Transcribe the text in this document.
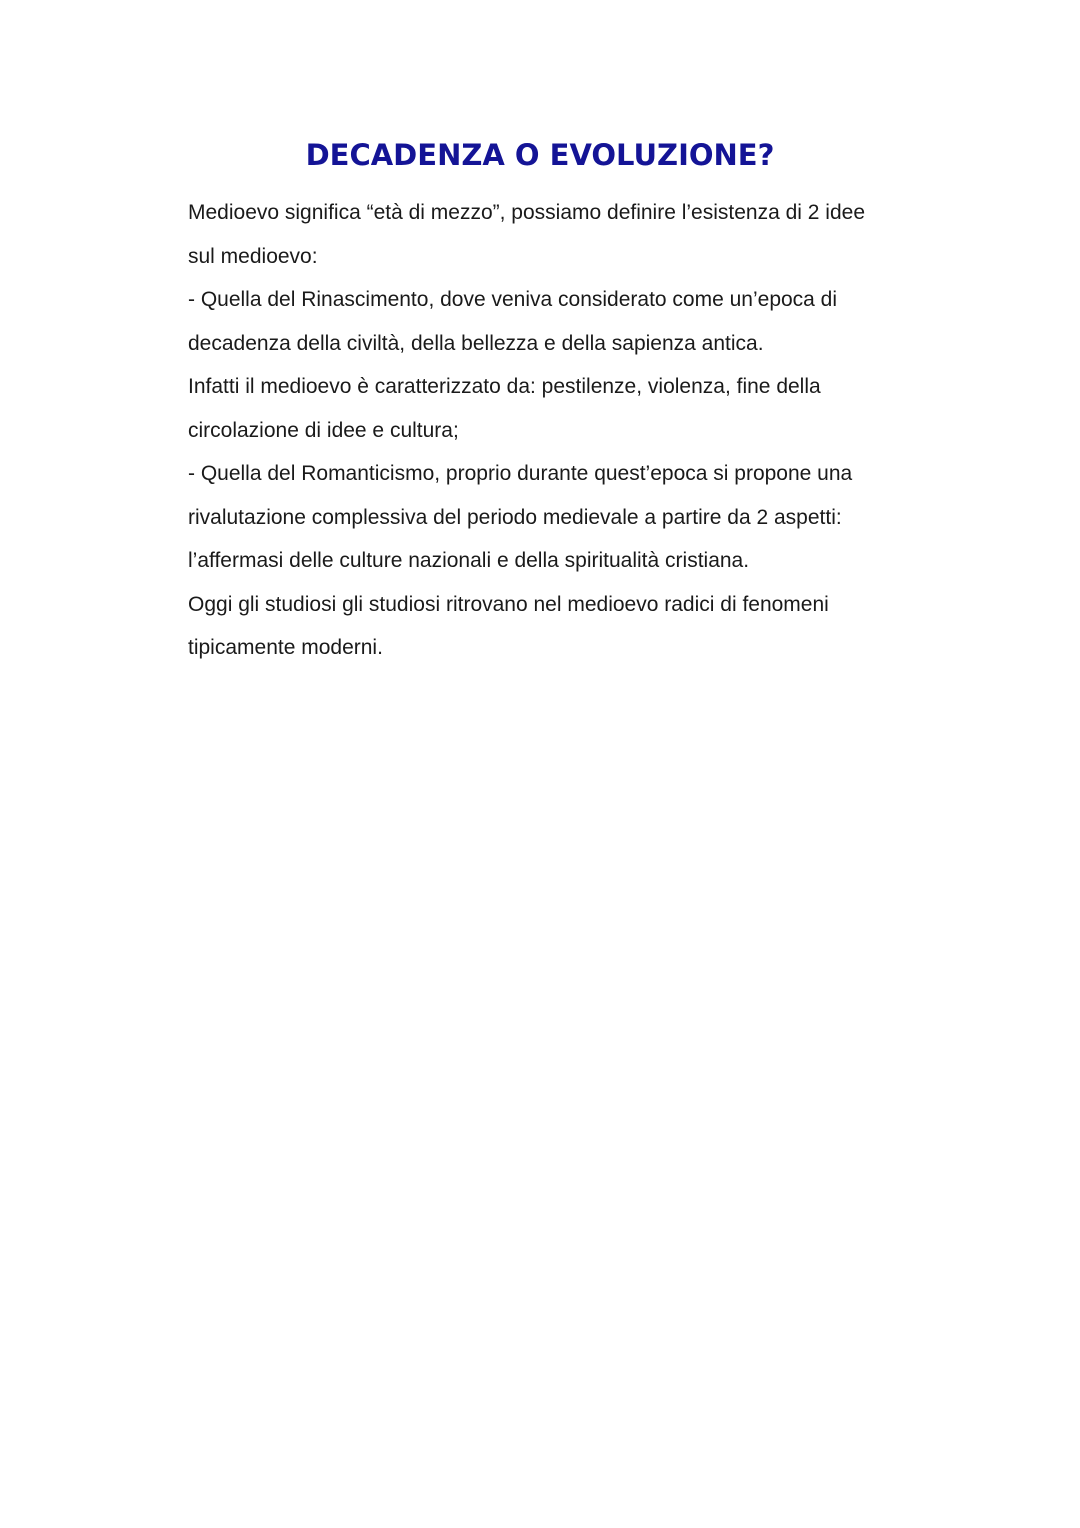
DECADENZA O EVOLUZIONE?
Medioevo significa “età di mezzo”, possiamo definire l’esistenza di 2 idee
sul medioevo:
- Quella del Rinascimento, dove veniva considerato come un’epoca di
decadenza della civiltà, della bellezza e della sapienza antica.
Infatti il medioevo è caratterizzato da: pestilenze, violenza, fine della
circolazione di idee e cultura;
- Quella del Romanticismo, proprio durante quest’epoca si propone una
rivalutazione complessiva del periodo medievale a partire da 2 aspetti:
l’affermasi delle culture nazionali e della spiritualità cristiana.
Oggi gli studiosi gli studiosi ritrovano nel medioevo radici di fenomeni
tipicamente moderni.
